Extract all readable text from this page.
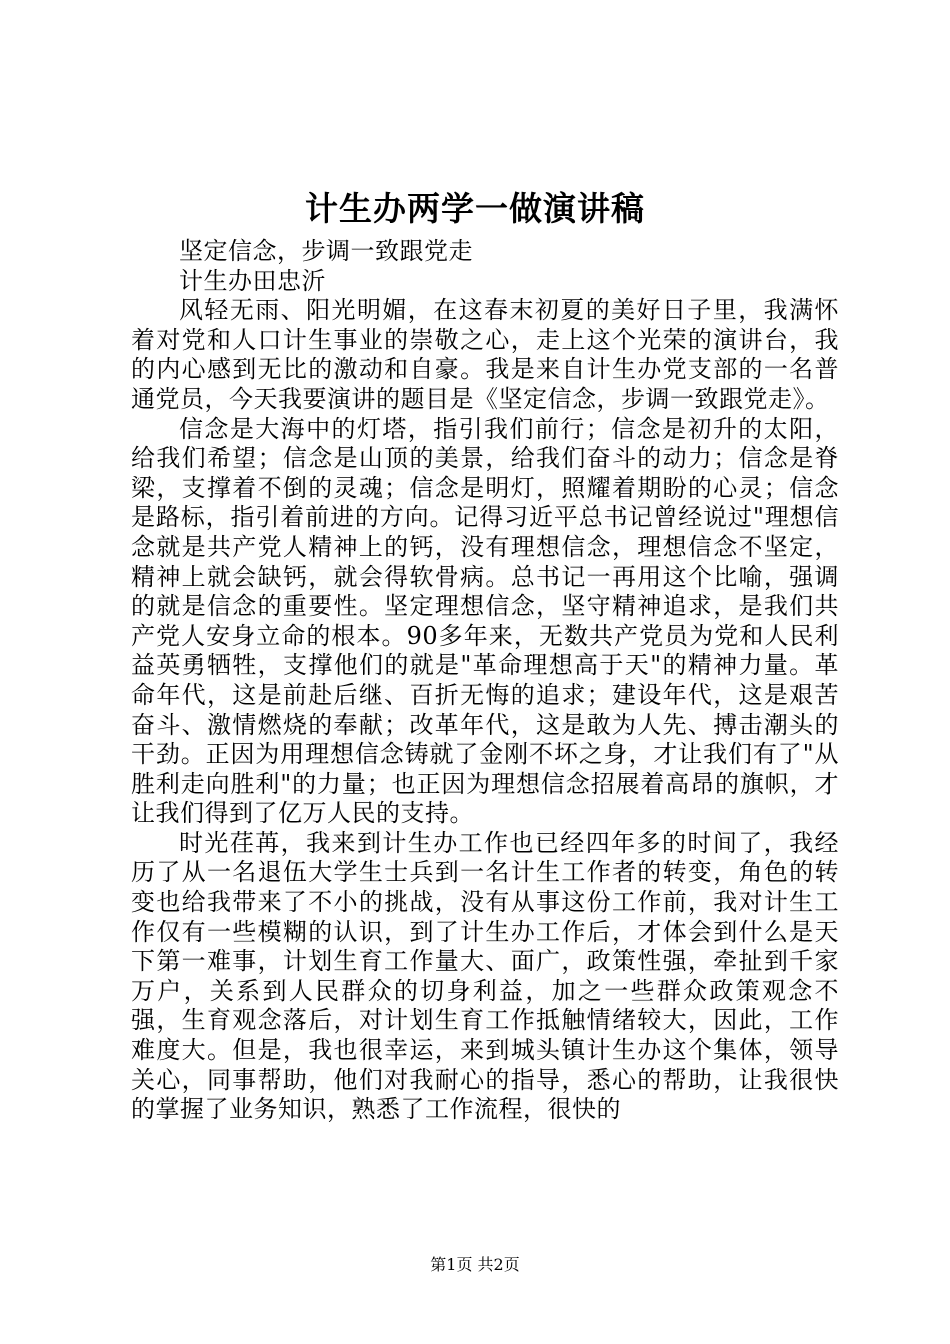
计生办两学一做演讲稿

坚定信念，步调一致跟党走

计生办田忠沂

风轻无雨、阳光明媚，在这春末初夏的美好日子里，我满怀着对党和人口计生事业的崇敬之心，走上这个光荣的演讲台，我的内心感到无比的激动和自豪。我是来自计生办党支部的一名普通党员，今天我要演讲的题目是《坚定信念，步调一致跟党走》。

信念是大海中的灯塔，指引我们前行；信念是初升的太阳，给我们希望；信念是山顶的美景，给我们奋斗的动力；信念是脊梁，支撑着不倒的灵魂；信念是明灯，照耀着期盼的心灵；信念是路标，指引着前进的方向。记得习近平总书记曾经说过"理想信念就是共产党人精神上的钙，没有理想信念，理想信念不坚定，精神上就会缺钙，就会得软骨病。总书记一再用这个比喻，强调的就是信念的重要性。坚定理想信念，坚守精神追求，是我们共产党人安身立命的根本。90多年来，无数共产党员为党和人民利益英勇牺牲，支撑他们的就是"革命理想高于天"的精神力量。革命年代，这是前赴后继、百折无悔的追求；建设年代，这是艰苦奋斗、激情燃烧的奉献；改革年代，这是敢为人先、搏击潮头的干劲。正因为用理想信念铸就了金刚不坏之身，才让我们有了"从胜利走向胜利"的力量；也正因为理想信念招展着高昂的旗帜，才让我们得到了亿万人民的支持。

时光荏苒，我来到计生办工作也已经四年多的时间了，我经历了从一名退伍大学生士兵到一名计生工作者的转变，角色的转变也给我带来了不小的挑战，没有从事这份工作前，我对计生工作仅有一些模糊的认识，到了计生办工作后，才体会到什么是天下第一难事，计划生育工作量大、面广，政策性强，牵扯到千家万户，关系到人民群众的切身利益，加之一些群众政策观念不强，生育观念落后，对计划生育工作抵触情绪较大，因此，工作难度大。但是，我也很幸运，来到城头镇计生办这个集体，领导关心，同事帮助，他们对我耐心的指导，悉心的帮助，让我很快的掌握了业务知识，熟悉了工作流程，很快的

第1页 共2页
